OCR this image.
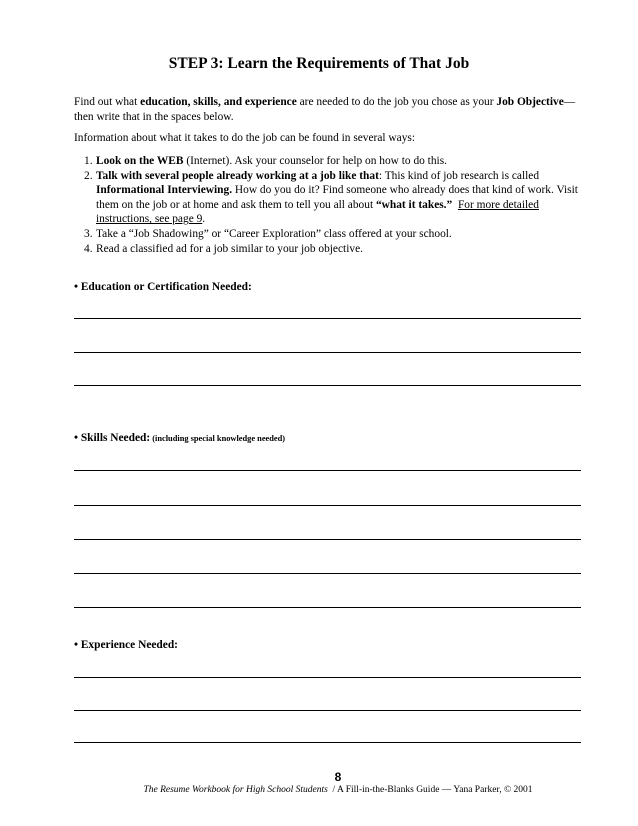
STEP 3: Learn the Requirements of That Job
Find out what education, skills, and experience are needed to do the job you chose as your Job Objective—then write that in the spaces below.
Information about what it takes to do the job can be found in several ways:
1. Look on the WEB (Internet). Ask your counselor for help on how to do this.
2. Talk with several people already working at a job like that: This kind of job research is called Informational Interviewing. How do you do it? Find someone who already does that kind of work. Visit them on the job or at home and ask them to tell you all about “what it takes.” For more detailed instructions, see page 9.
3. Take a “Job Shadowing” or “Career Exploration” class offered at your school.
4. Read a classified ad for a job similar to your job objective.
• Education or Certification Needed:
• Skills Needed: (including special knowledge needed)
• Experience Needed:
8
The Resume Workbook for High School Students  / A Fill-in-the-Blanks Guide — Yana Parker, © 2001
